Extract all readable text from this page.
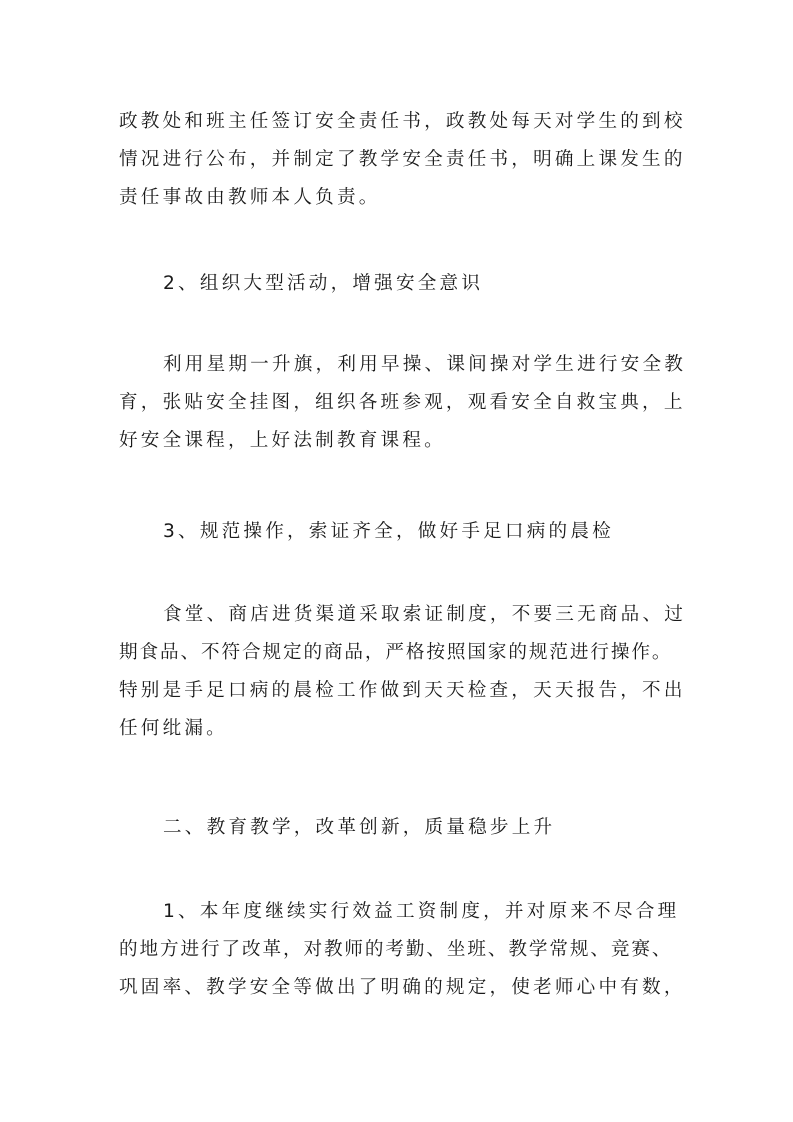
政教处和班主任签订安全责任书，政教处每天对学生的到校
情况进行公布，并制定了教学安全责任书，明确上课发生的
责任事故由教师本人负责。
2、组织大型活动，增强安全意识
利用星期一升旗，利用早操、课间操对学生进行安全教
育，张贴安全挂图，组织各班参观，观看安全自救宝典，上
好安全课程，上好法制教育课程。
3、规范操作，索证齐全，做好手足口病的晨检
食堂、商店进货渠道采取索证制度，不要三无商品、过
期食品、不符合规定的商品，严格按照国家的规范进行操作。
特别是手足口病的晨检工作做到天天检查，天天报告，不出
任何纰漏。
二、教育教学，改革创新，质量稳步上升
1、本年度继续实行效益工资制度，并对原来不尽合理
的地方进行了改革，对教师的考勤、坐班、教学常规、竞赛、
巩固率、教学安全等做出了明确的规定，使老师心中有数，
